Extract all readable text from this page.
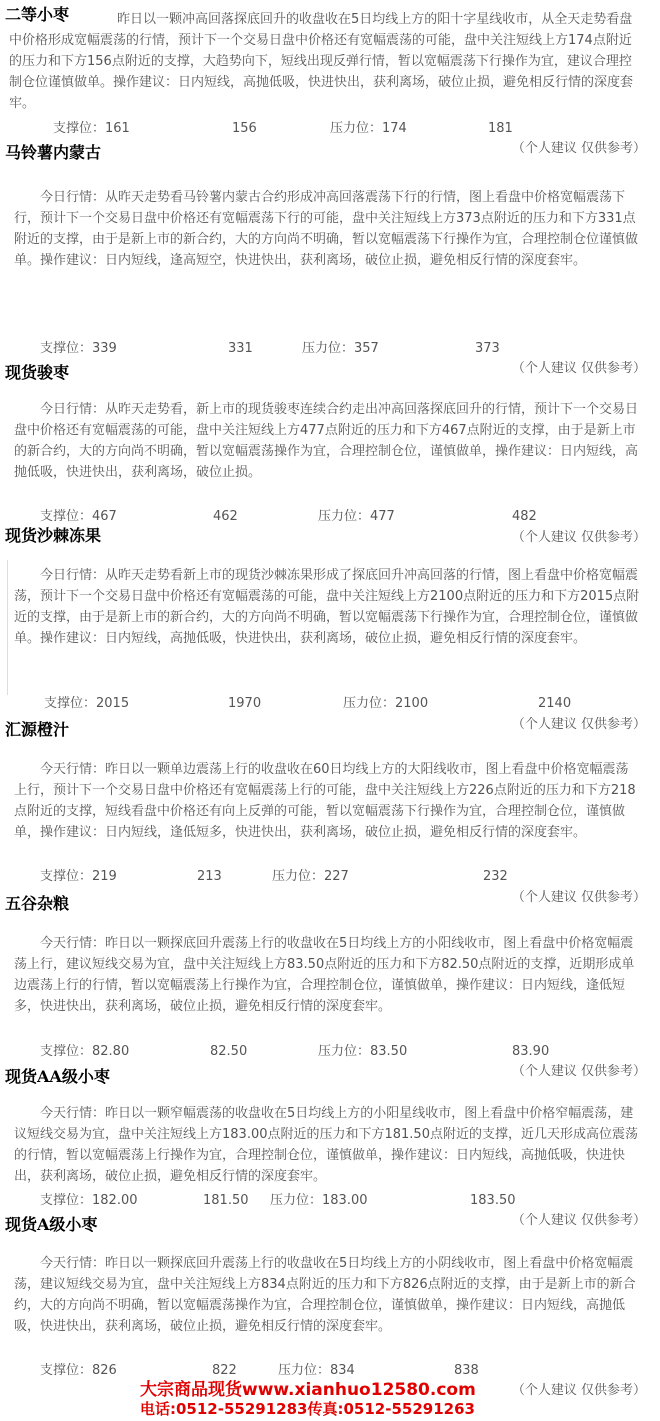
二等小枣	昨日以一颗冲高回落探底回升的收盘收在5日均线上方的阳十字星线收市，从全天走势看盘中价格形成宽幅震荡的行情，预计下一个交易日盘中价格还有宽幅震荡的可能，盘中关注短线上方174点附近的压力和下方156点附近的支撑，大趋势向下，短线出现反弹行情，暂以宽幅震荡下行操作为宜，建议合理控制仓位谨慎做单。操作建议：日内短线，高抛低吸，快进快出，获利离场，破位止损，避免相反行情的深度套牢。

支撑位：161	156	压力位：174	181
马铃薯内蒙古	（个人建议 仅供参考）

今日行情：从昨天走势看马铃薯内蒙古合约形成冲高回落震荡下行的行情，图上看盘中价格宽幅震荡下行，预计下一个交易日盘中价格还有宽幅震荡下行的可能，盘中关注短线上方373点附近的压力和下方331点附近的支撑，由于是新上市的新合约，大的方向尚不明确，暂以宽幅震荡下行操作为宜，合理控制仓位谨慎做单。操作建议：日内短线，逢高短空，快进快出，获利离场，破位止损，避免相反行情的深度套牢。

支撑位：339	331	压力位：357	373
现货骏枣	（个人建议 仅供参考）

今日行情：从昨天走势看，新上市的现货骏枣连续合约走出冲高回落探底回升的行情，预计下一个交易日盘中价格还有宽幅震荡的可能，盘中关注短线上方477点附近的压力和下方467点附近的支撑，由于是新上市的新合约，大的方向尚不明确，暂以宽幅震荡操作为宜，合理控制仓位，谨慎做单，操作建议：日内短线，高抛低吸，快进快出，获利离场，破位止损。

支撑位：467	462	压力位：477	482
现货沙棘冻果	（个人建议 仅供参考）

今日行情：从昨天走势看新上市的现货沙棘冻果形成了探底回升冲高回落的行情，图上看盘中价格宽幅震荡，预计下一个交易日盘中价格还有宽幅震荡的可能，盘中关注短线上方2100点附近的压力和下方2015点附近的支撑，由于是新上市的新合约，大的方向尚不明确，暂以宽幅震荡下行操作为宜，合理控制仓位，谨慎做单。操作建议：日内短线，高抛低吸，快进快出，获利离场，破位止损，避免相反行情的深度套牢。

支撑位：2015	1970	压力位：2100	2140
汇源橙汁	（个人建议 仅供参考）

今天行情：昨日以一颗单边震荡上行的收盘收在60日均线上方的大阳线收市，图上看盘中价格宽幅震荡上行，预计下一个交易日盘中价格还有宽幅震荡上行的可能，盘中关注短线上方226点附近的压力和下方218点附近的支撑，短线看盘中价格还有向上反弹的可能，暂以宽幅震荡下行操作为宜，合理控制仓位，谨慎做单，操作建议：日内短线，逢低短多，快进快出，获利离场，破位止损，避免相反行情的深度套牢。

支撑位：219	213	压力位：227	232
五谷杂粮	（个人建议 仅供参考）

今天行情：昨日以一颗探底回升震荡上行的收盘收在5日均线上方的小阳线收市，图上看盘中价格宽幅震荡上行，建议短线交易为宜，盘中关注短线上方83.50点附近的压力和下方82.50点附近的支撑，近期形成单边震荡上行的行情，暂以宽幅震荡上行操作为宜，合理控制仓位，谨慎做单，操作建议：日内短线，逢低短多，快进快出，获利离场，破位止损，避免相反行情的深度套牢。

支撑位：82.80	82.50	压力位：83.50	83.90
现货AA级小枣	（个人建议 仅供参考）

今天行情：昨日以一颗窄幅震荡的收盘收在5日均线上方的小阳星线收市，图上看盘中价格窄幅震荡，建议短线交易为宜，盘中关注短线上方183.00点附近的压力和下方181.50点附近的支撑，近几天形成高位震荡的行情，暂以宽幅震荡上行操作为宜，合理控制仓位，谨慎做单，操作建议：日内短线，高抛低吸，快进快出，获利离场，破位止损，避免相反行情的深度套牢。

支撑位：182.00	181.50 压力位：183.00	183.50
现货A级小枣	（个人建议 仅供参考）

今天行情：昨日以一颗探底回升震荡上行的收盘收在5日均线上方的小阴线收市，图上看盘中价格宽幅震荡，建议短线交易为宜，盘中关注短线上方834点附近的压力和下方826点附近的支撑，由于是新上市的新合约，大的方向尚不明确，暂以宽幅震荡操作为宜，合理控制仓位，谨慎做单，操作建议：日内短线，高抛低吸，快进快出，获利离场，破位止损，避免相反行情的深度套牢。

支撑位：826	822	压力位：834	838
（个人建议 仅供参考）
大宗商品现货www.xianhuo12580.com
电话:0512-55291283传真:0512-55291263
